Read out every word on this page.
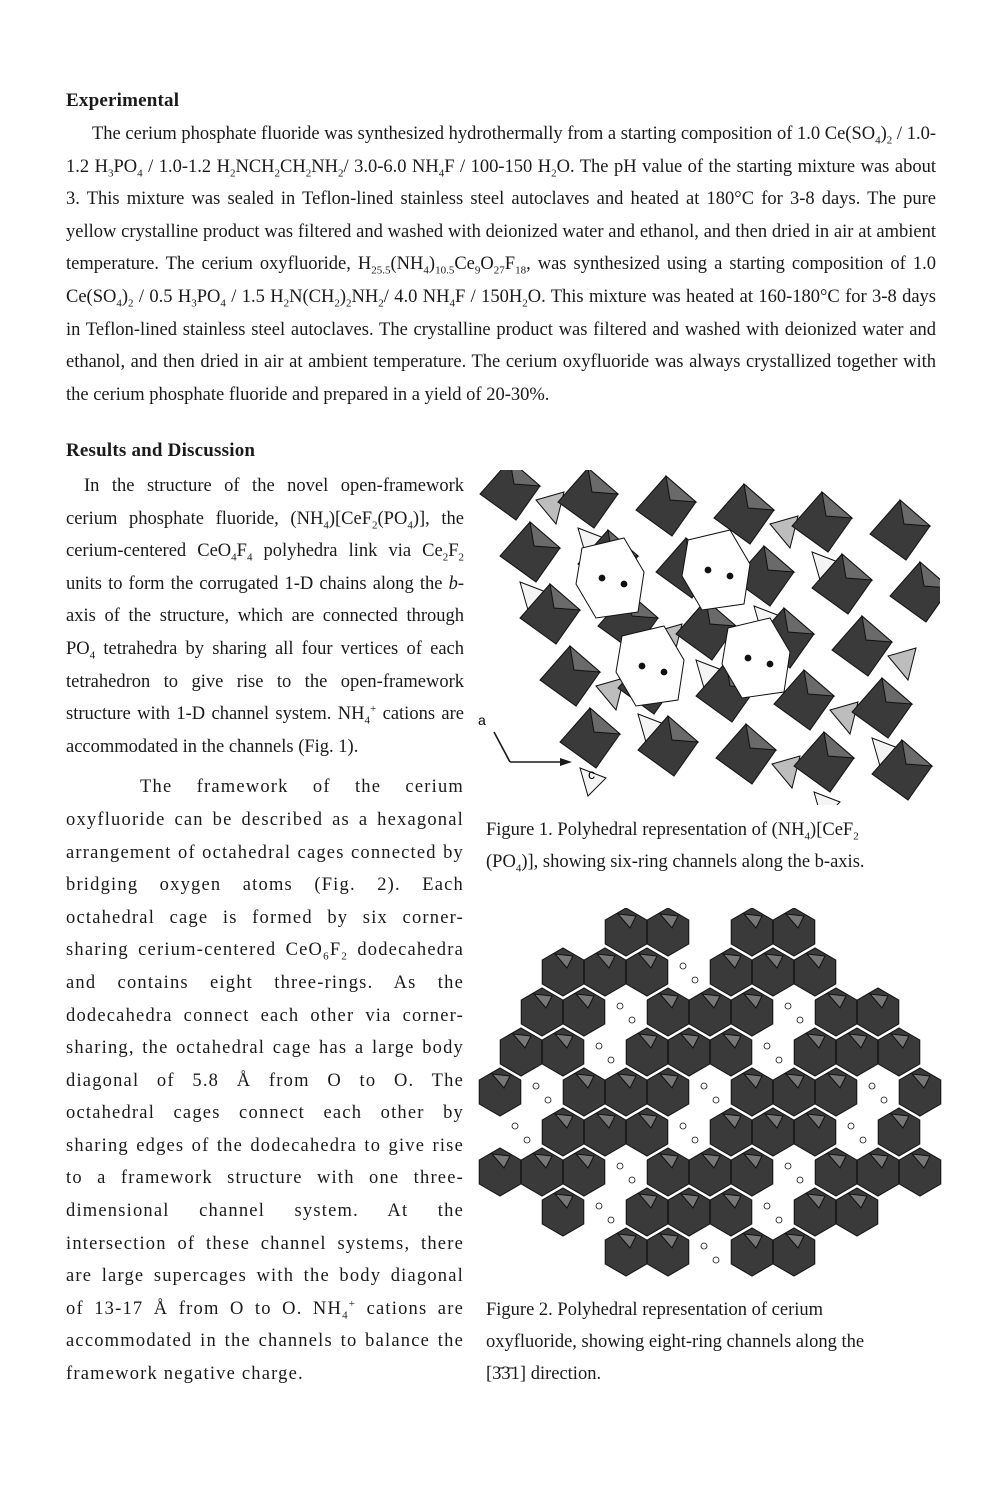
Experimental

The cerium phosphate fluoride was synthesized hydrothermally from a starting composition of 1.0 $Ce(SO_4)_2 / 1.0-1.2$ $H_3PO_4 / 1.0-1.2$ $H_2NCH_2CH_2NH_2/$ 3.0-6.0 $NH_4F / 100-150$ $H_2O$. The pH value of the starting mixture was about 3. This mixture was sealed in Teflon-lined stainless steel autoclaves and heated at 180°C for 3-8 days. The pure yellow crystalline product was filtered and washed with deionized water and ethanol, and then dried in air at ambient temperature. The cerium oxyfluoride, $H_{25.5}(NH_4)_{10.5}Ce_9O_{27}F_{18}$, was synthesized using a starting composition of 1.0 $Ce(SO_4)_2 / 0.5$ $H_3PO_4 / 1.5$ $H_2N(CH_2)_2NH_2/$ 4.0 $NH_4F / 150H_2O$. This mixture was heated at 160-180°C for 3-8 days in Teflon-lined stainless steel autoclaves. The crystalline product was filtered and washed with deionized water and ethanol, and then dried in air at ambient temperature. The cerium oxyfluoride was always crystallized together with the cerium phosphate fluoride and prepared in a yield of 20-30%.

Results and Discussion

In the structure of the novel open-framework cerium phosphate fluoride, $(NH_4)[CeF_2(PO_4)]$, the cerium-centered $CeO_4F_4$ polyhedra link via $Ce_2F_2$ units to form the corrugated 1-D chains along the b-axis of the structure, which are connected through $PO_4$ tetrahedra by sharing all four vertices of each tetrahedron to give rise to the open-framework structure with 1-D channel system. $NH_4^+$ cations are accommodated in the channels (Fig. 1).

The framework of the cerium oxyfluoride can be described as a hexagonal arrangement of octahedral cages connected by bridging oxygen atoms (Fig. 2). Each octahedral cage is formed by six corner-sharing cerium-centered $CeO_6F_2$ dodecahedra and contains eight three-rings. As the dodecahedra connect each other via corner-sharing, the octahedral cage has a large body diagonal of 5.8 Å from O to O. The octahedral cages connect each other by sharing edges of the dodecahedra to give rise to a framework structure with one three-dimensional channel system. At the intersection of these channel systems, there are large supercages with the body diagonal of 13-17 Å from O to O. $NH_4^+$ cations are accommodated in the channels to balance the framework negative charge.

a
c
Figure 1. Polyhedral representation of $(NH_4)[CeF_2$
$(PO_4)$], showing six-ring channels along the b-axis.
Figure 2. Polyhedral representation of cerium
oxyfluoride, showing eight-ring channels along the
[3̄3̄1] direction.
